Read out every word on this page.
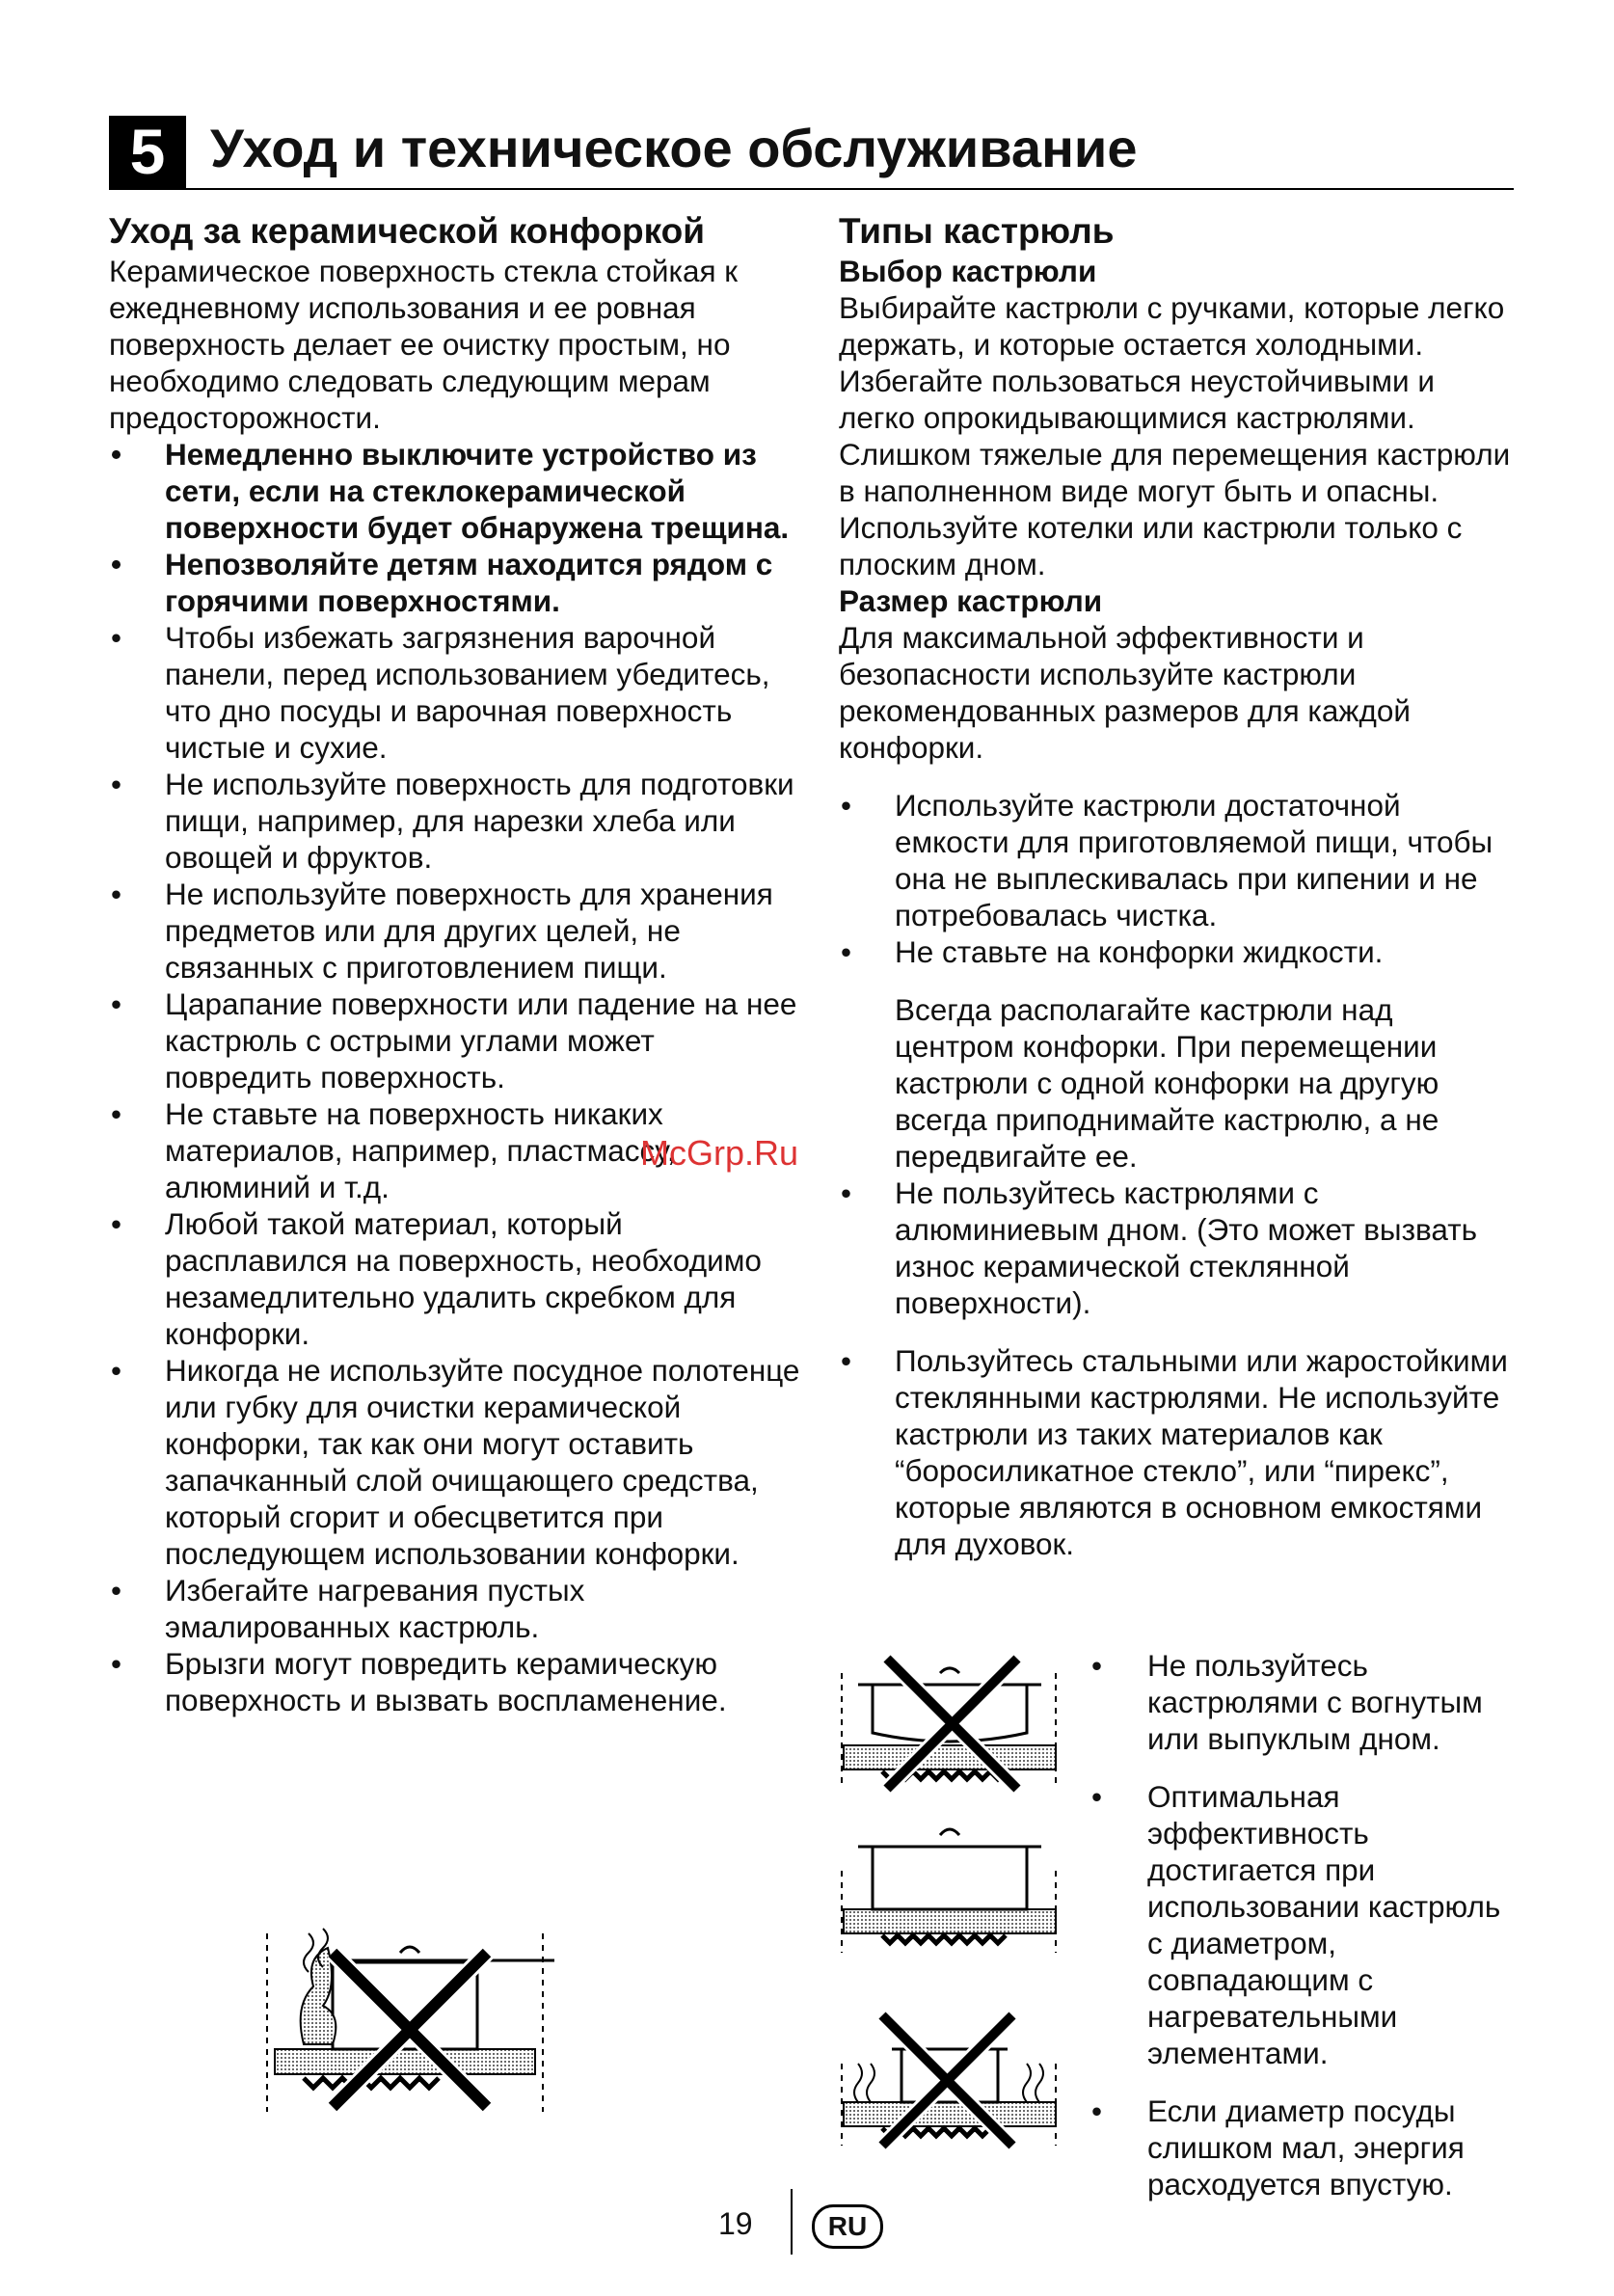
5 Уход и техническое обслуживание

Уход за керамической конфоркой

Керамическое поверхность стекла стойкая к ежедневному использования и ее ровная поверхность делает ее очистку простым, но необходимо следовать следующим мерам предосторожности.

• Немедленно выключите устройство из сети, если на стеклокерамической поверхности будет обнаружена трещина.
• Непозволяйте детям находится рядом с горячими поверхностями.
• Чтобы избежать загрязнения варочной панели, перед использованием убедитесь, что дно посуды и варочная поверхность чистые и сухие.
• Не используйте поверхность для подготовки пищи, например, для нарезки хлеба или овощей и фруктов.
• Не используйте поверхность для хранения предметов или для других целей, не связанных с приготовлением пищи.
• Царапание поверхности или падение на нее кастрюль с острыми углами может повредить поверхность.
• Не ставьте на поверхность никаких материалов, например, пластмассу, алюминий и т.д.
• Любой такой материал, который расплавился на поверхность, необходимо незамедлительно удалить скребком для конфорки.
• Никогда не используйте посудное полотенце или губку для очистки керамической конфорки, так как они могут оставить запачканный слой очищающего средства, который сгорит и обесцветится при последующем использовании конфорки.
• Избегайте нагревания пустых эмалированных кастрюль.
• Брызги могут повредить керамическую поверхность и вызвать воспламенение.

Типы кастрюль

Выбор кастрюли

Выбирайте кастрюли с ручками, которые легко держать, и которые остается холодными. Избегайте пользоваться неустойчивыми и легко опрокидывающимися кастрюлями. Слишком тяжелые для перемещения кастрюли в наполненном виде могут быть и опасны. Используйте котелки или кастрюли только с плоским дном.

Размер кастрюли

Для максимальной эффективности и безопасности используйте кастрюли рекомендованных размеров для каждой конфорки.

• Используйте кастрюли достаточной емкости для приготовляемой пищи, чтобы она не выплескивалась при кипении и не потребовалась чистка.
• Не ставьте на конфорки жидкости.

Всегда располагайте кастрюли над центром конфорки. При перемещении кастрюли с одной конфорки на другую всегда приподнимайте кастрюлю, а не передвигайте ее.

• Не пользуйтесь кастрюлями с алюминиевым дном. (Это может вызвать износ керамической стеклянной поверхности).
• Пользуйтесь стальными или жаростойкими стеклянными кастрюлями. Не используйте кастрюли из таких материалов как “боросиликатное стекло”, или “пирекс”, которые являются в основном емкостями для духовок.
• Не пользуйтесь кастрюлями с вогнутым или выпуклым дном.
• Оптимальная эффективность достигается при использовании кастрюль с диаметром, совпадающим с нагревательными элементами.
• Если диаметр посуды слишком мал, энергия расходуется впустую.
McGrp.Ru
19	RU
